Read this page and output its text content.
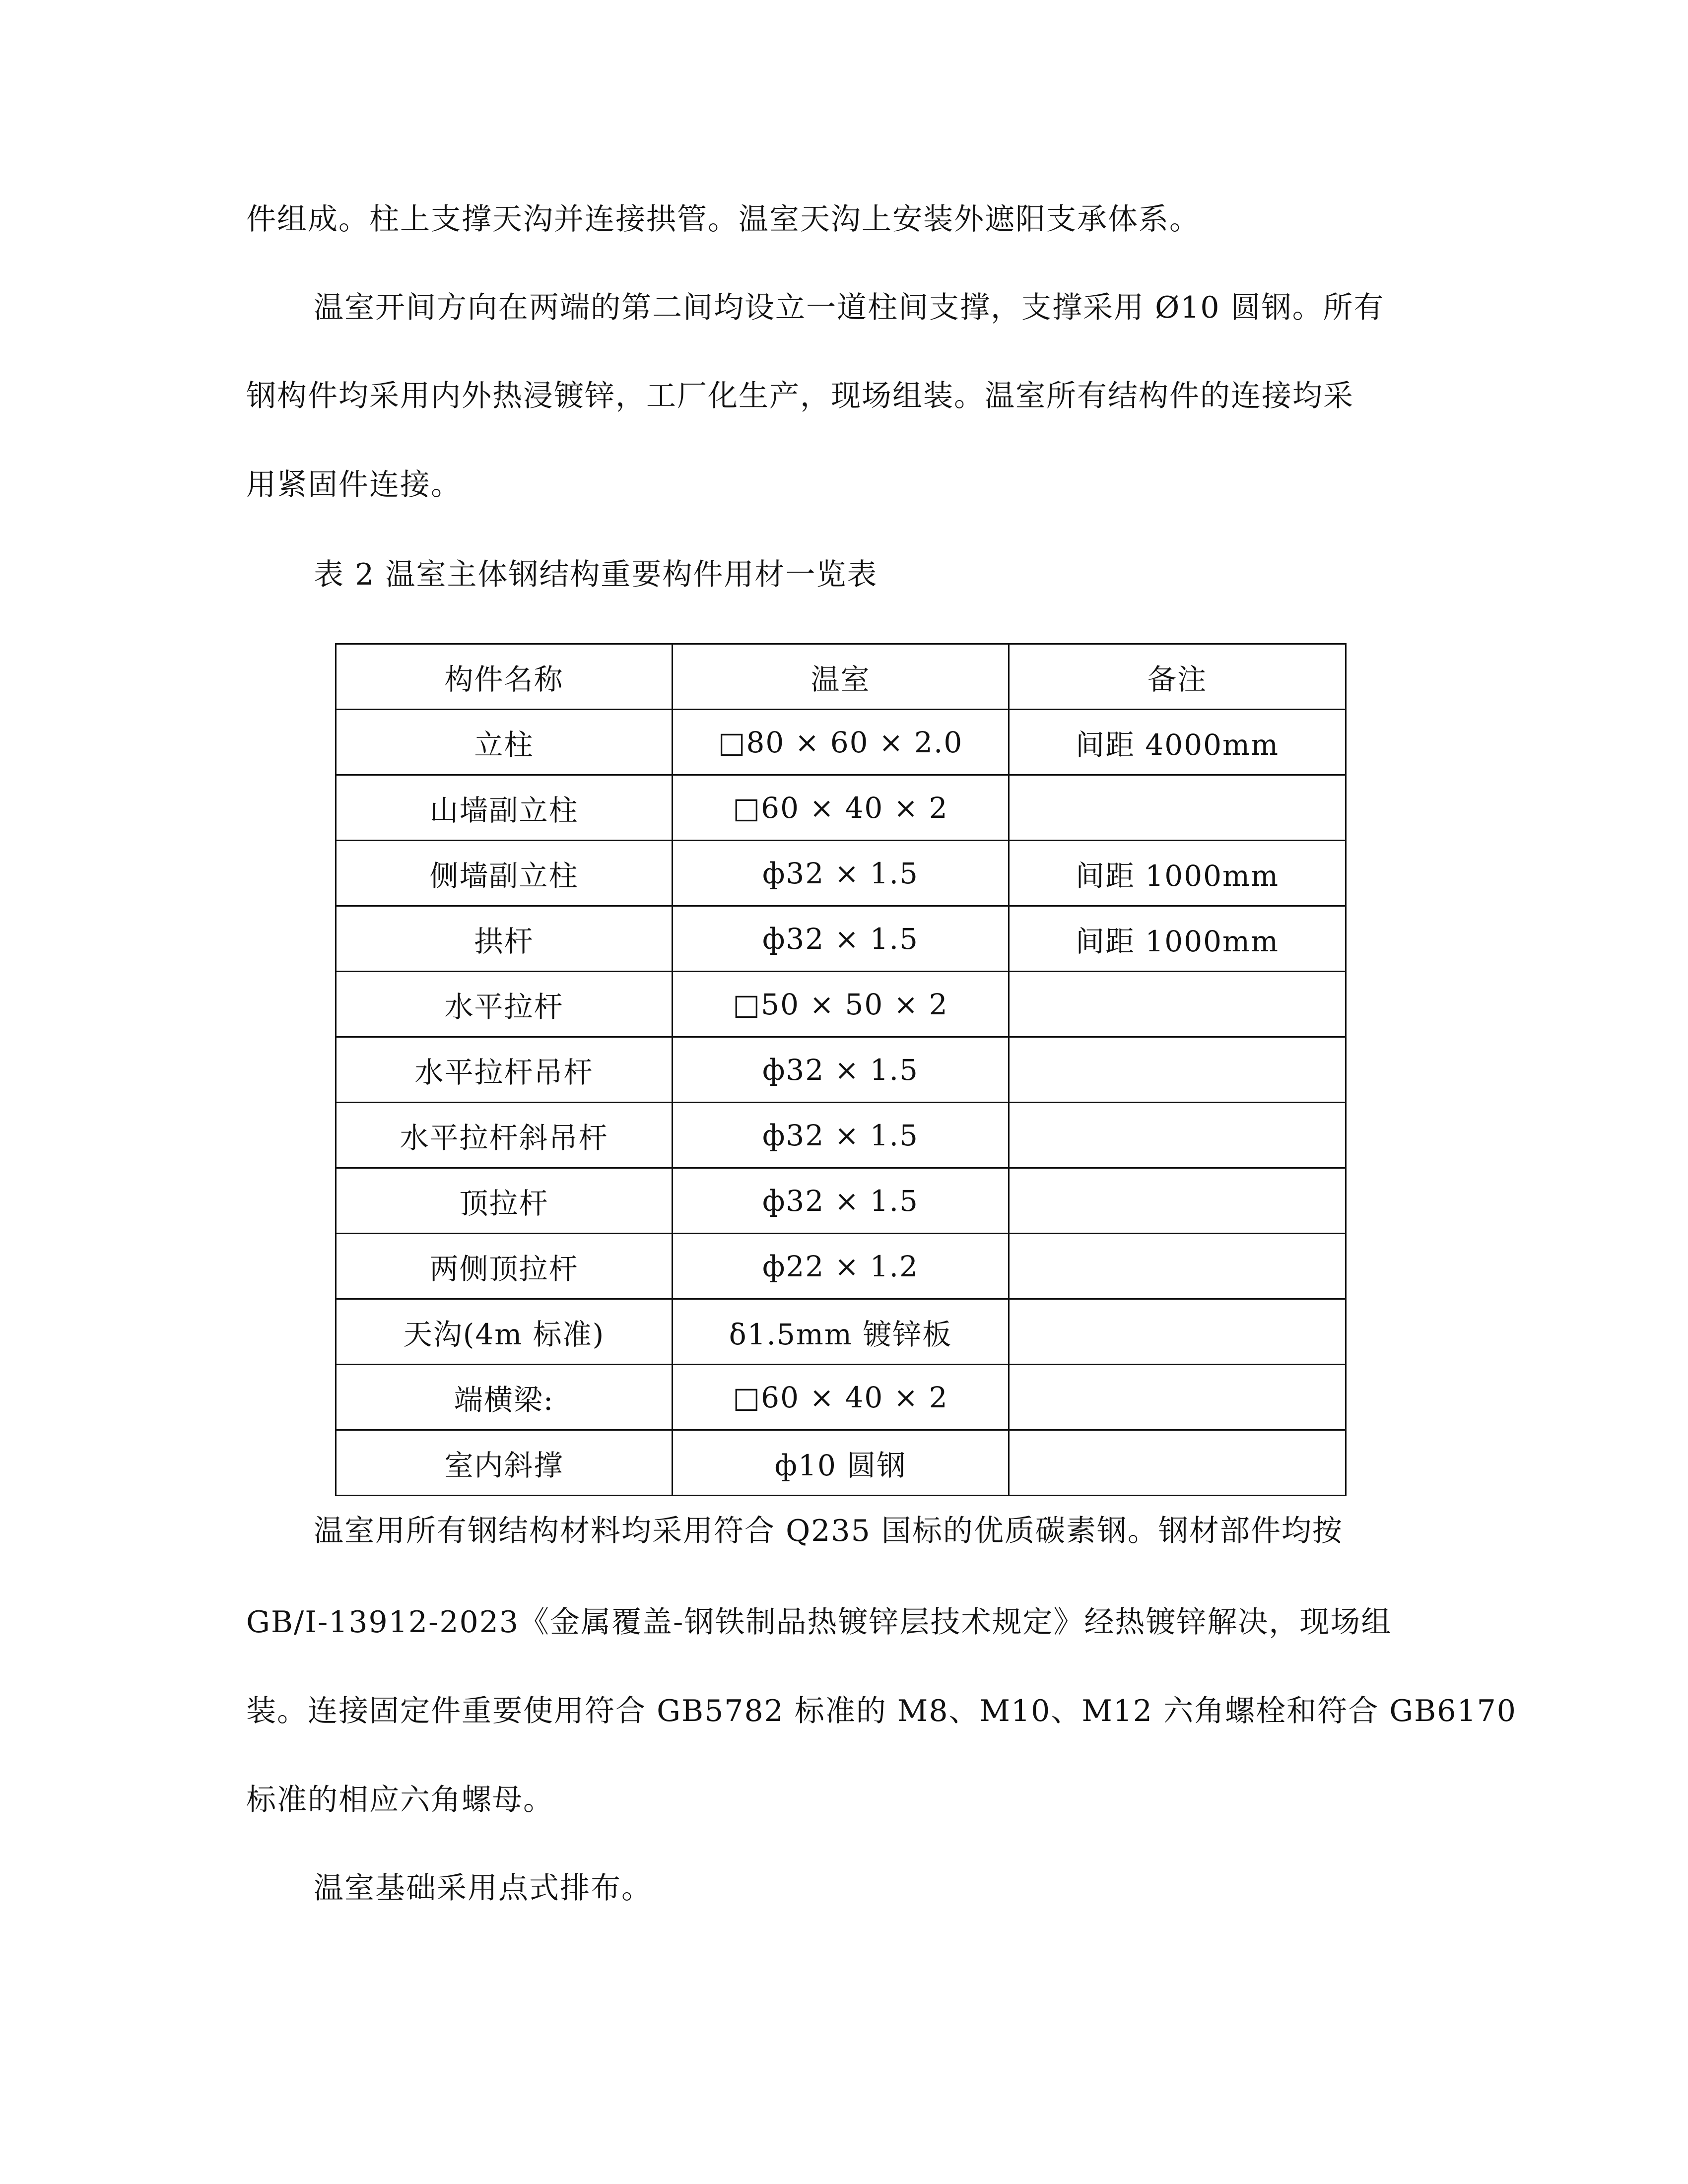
件组成。柱上支撑天沟并连接拱管。温室天沟上安装外遮阳支承体系。
温室开间方向在两端的第二间均设立一道柱间支撑，支撑采用 Ø10 圆钢。所有
钢构件均采用内外热浸镀锌，工厂化生产，现场组装。温室所有结构件的连接均采
用紧固件连接。
表 2 温室主体钢结构重要构件用材一览表
构件名称	温室	备注
立柱	□80 × 60 × 2.0	间距 4000mm
山墙副立柱	□60 × 40 × 2	
侧墙副立柱	ф32 × 1.5	间距 1000mm
拱杆	ф32 × 1.5	间距 1000mm
水平拉杆	□50 × 50 × 2	
水平拉杆吊杆	ф32 × 1.5	
水平拉杆斜吊杆	ф32 × 1.5	
顶拉杆	ф32 × 1.5	
两侧顶拉杆	ф22 × 1.2	
天沟(4m 标准)	δ1.5mm 镀锌板	
端横梁:	□60 × 40 × 2	
室内斜撑	ф10 圆钢	
温室用所有钢结构材料均采用符合 Q235 国标的优质碳素钢。钢材部件均按
GB/I-13912-2023《金属覆盖-钢铁制品热镀锌层技术规定》经热镀锌解决，现场组
装。连接固定件重要使用符合 GB5782 标准的 M8、M10、M12 六角螺栓和符合 GB6170
标准的相应六角螺母。
温室基础采用点式排布。
